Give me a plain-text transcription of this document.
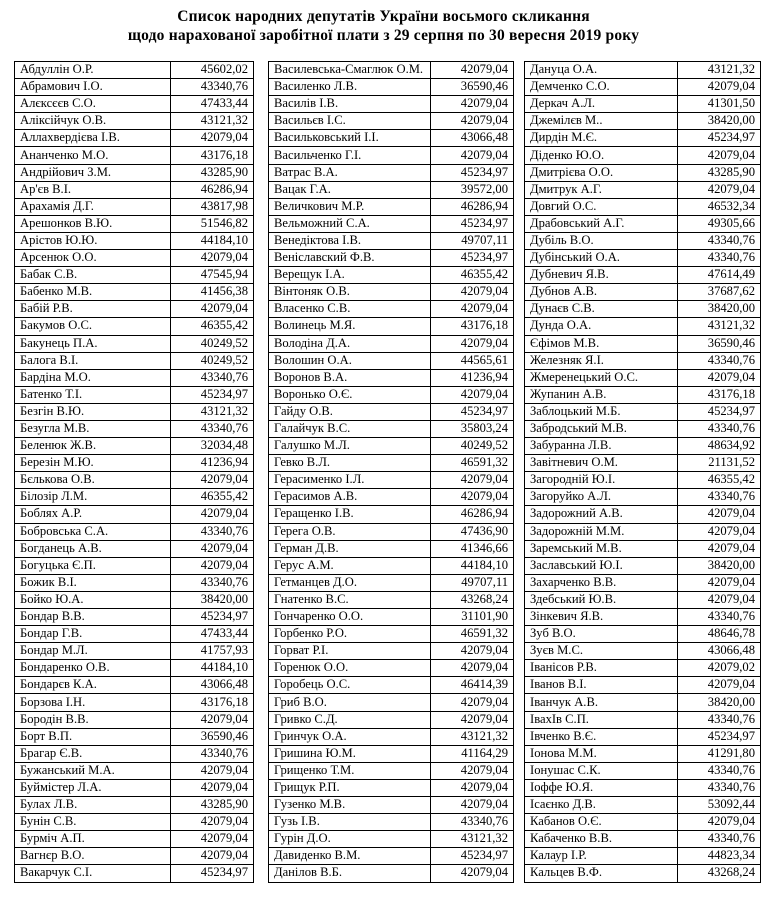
Список народних депутатів України восьмого скликання
щодо нарахованої заробітної плати з 29 серпня по 30 вересня 2019 року
Абдуллін О.Р.	45602,02
Абрамович І.О.	43340,76
Алєксєєв С.О.	47433,44
Аліксійчук О.В.	43121,32
Аллахвердієва І.В.	42079,04
Ананченко М.О.	43176,18
Андрійович З.М.	43285,90
Ар'єв В.І.	46286,94
Арахамія Д.Г.	43817,98
Арешонков В.Ю.	51546,82
Арістов Ю.Ю.	44184,10
Арсенюк О.О.	42079,04
Бабак С.В.	47545,94
Бабенко М.В.	41456,38
Бабій Р.В.	42079,04
Бакумов О.С.	46355,42
Бакунець П.А.	40249,52
Балога В.І.	40249,52
Бардіна М.О.	43340,76
Батенко Т.І.	45234,97
Безгін В.Ю.	43121,32
Безугла М.В.	43340,76
Беленюк Ж.В.	32034,48
Березін М.Ю.	41236,94
Бєлькова О.В.	42079,04
Білозір Л.М.	46355,42
Боблях А.Р.	42079,04
Бобровська С.А.	43340,76
Богданець А.В.	42079,04
Богуцька Є.П.	42079,04
Божик В.І.	43340,76
Бойко Ю.А.	38420,00
Бондар В.В.	45234,97
Бондар Г.В.	47433,44
Бондар М.Л.	41757,93
Бондаренко О.В.	44184,10
Бондарєв К.А.	43066,48
Борзова І.Н.	43176,18
Бородін В.В.	42079,04
Борт В.П.	36590,46
Брагар Є.В.	43340,76
Бужанський М.А.	42079,04
Буймістер Л.А.	42079,04
Булах Л.В.	43285,90
Бунін С.В.	42079,04
Бурміч А.П.	42079,04
Вагнєр В.О.	42079,04
Вакарчук С.І.	45234,97
Василевська-Смаглюк О.М.	42079,04
Василенко Л.В.	36590,46
Василів І.В.	42079,04
Васильєв І.С.	42079,04
Васильковський І.І.	43066,48
Васильченко Г.І.	42079,04
Ватрас В.А.	45234,97
Вацак Г.А.	39572,00
Величкович М.Р.	46286,94
Вельможний С.А.	45234,97
Венедіктова І.В.	49707,11
Веніславский Ф.В.	45234,97
Верещук І.А.	46355,42
Вінтоняк О.В.	42079,04
Власенко С.В.	42079,04
Волинець М.Я.	43176,18
Володіна Д.А.	42079,04
Волошин О.А.	44565,61
Воронов В.А.	41236,94
Воронько О.Є.	42079,04
Гайду О.В.	45234,97
Галайчук В.С.	35803,24
Галушко М.Л.	40249,52
Гевко В.Л.	46591,32
Герасименко І.Л.	42079,04
Герасимов А.В.	42079,04
Геращенко І.В.	46286,94
Герега О.В.	47436,90
Герман Д.В.	41346,66
Герус А.М.	44184,10
Гетманцев Д.О.	49707,11
Гнатенко В.С.	43268,24
Гончаренко О.О.	31101,90
Горбенко Р.О.	46591,32
Горват Р.І.	42079,04
Горенюк О.О.	42079,04
Горобець О.С.	46414,39
Гриб В.О.	42079,04
Гривко С.Д.	42079,04
Гринчук О.А.	43121,32
Гришина Ю.М.	41164,29
Грищенко Т.М.	42079,04
Грищук Р.П.	42079,04
Гузенко М.В.	42079,04
Гузь І.В.	43340,76
Гурін Д.О.	43121,32
Давиденко В.М.	45234,97
Данілов В.Б.	42079,04
Дануца О.А.	43121,32
Демченко С.О.	42079,04
Деркач А.Л.	41301,50
Джемілєв М..	38420,00
Дирдін М.Є.	45234,97
Діденко Ю.О.	42079,04
Дмитрієва О.О.	43285,90
Дмитрук А.Г.	42079,04
Довгий О.С.	46532,34
Драбовський А.Г.	49305,66
Дубіль В.О.	43340,76
Дубінський О.А.	43340,76
Дубневич Я.В.	47614,49
Дубнов А.В.	37687,62
Дунаєв С.В.	38420,00
Дунда О.А.	43121,32
Єфімов М.В.	36590,46
Железняк Я.І.	43340,76
Жмеренецький О.С.	42079,04
Жупанин А.В.	43176,18
Заблоцький М.Б.	45234,97
Забродський М.В.	43340,76
Забуранна Л.В.	48634,92
Завітневич О.М.	21131,52
Загородній Ю.І.	46355,42
Загоруйко А.Л.	43340,76
Задорожний А.В.	42079,04
Задорожній М.М.	42079,04
Заремський М.В.	42079,04
Заславський Ю.І.	38420,00
Захарченко В.В.	42079,04
Здебський Ю.В.	42079,04
Зінкевич Я.В.	43340,76
Зуб В.О.	48646,78
Зуєв М.С.	43066,48
Іванісов Р.В.	42079,02
Іванов В.І.	42079,04
Іванчук А.В.	38420,00
ІвахІв С.П.	43340,76
Івченко В.Є.	45234,97
Іонова М.М.	41291,80
Іонушас С.К.	43340,76
Іоффе Ю.Я.	43340,76
Ісаєнко Д.В.	53092,44
Кабанов О.Є.	42079,04
Кабаченко В.В.	43340,76
Калаур І.Р.	44823,34
Кальцев В.Ф.	43268,24
